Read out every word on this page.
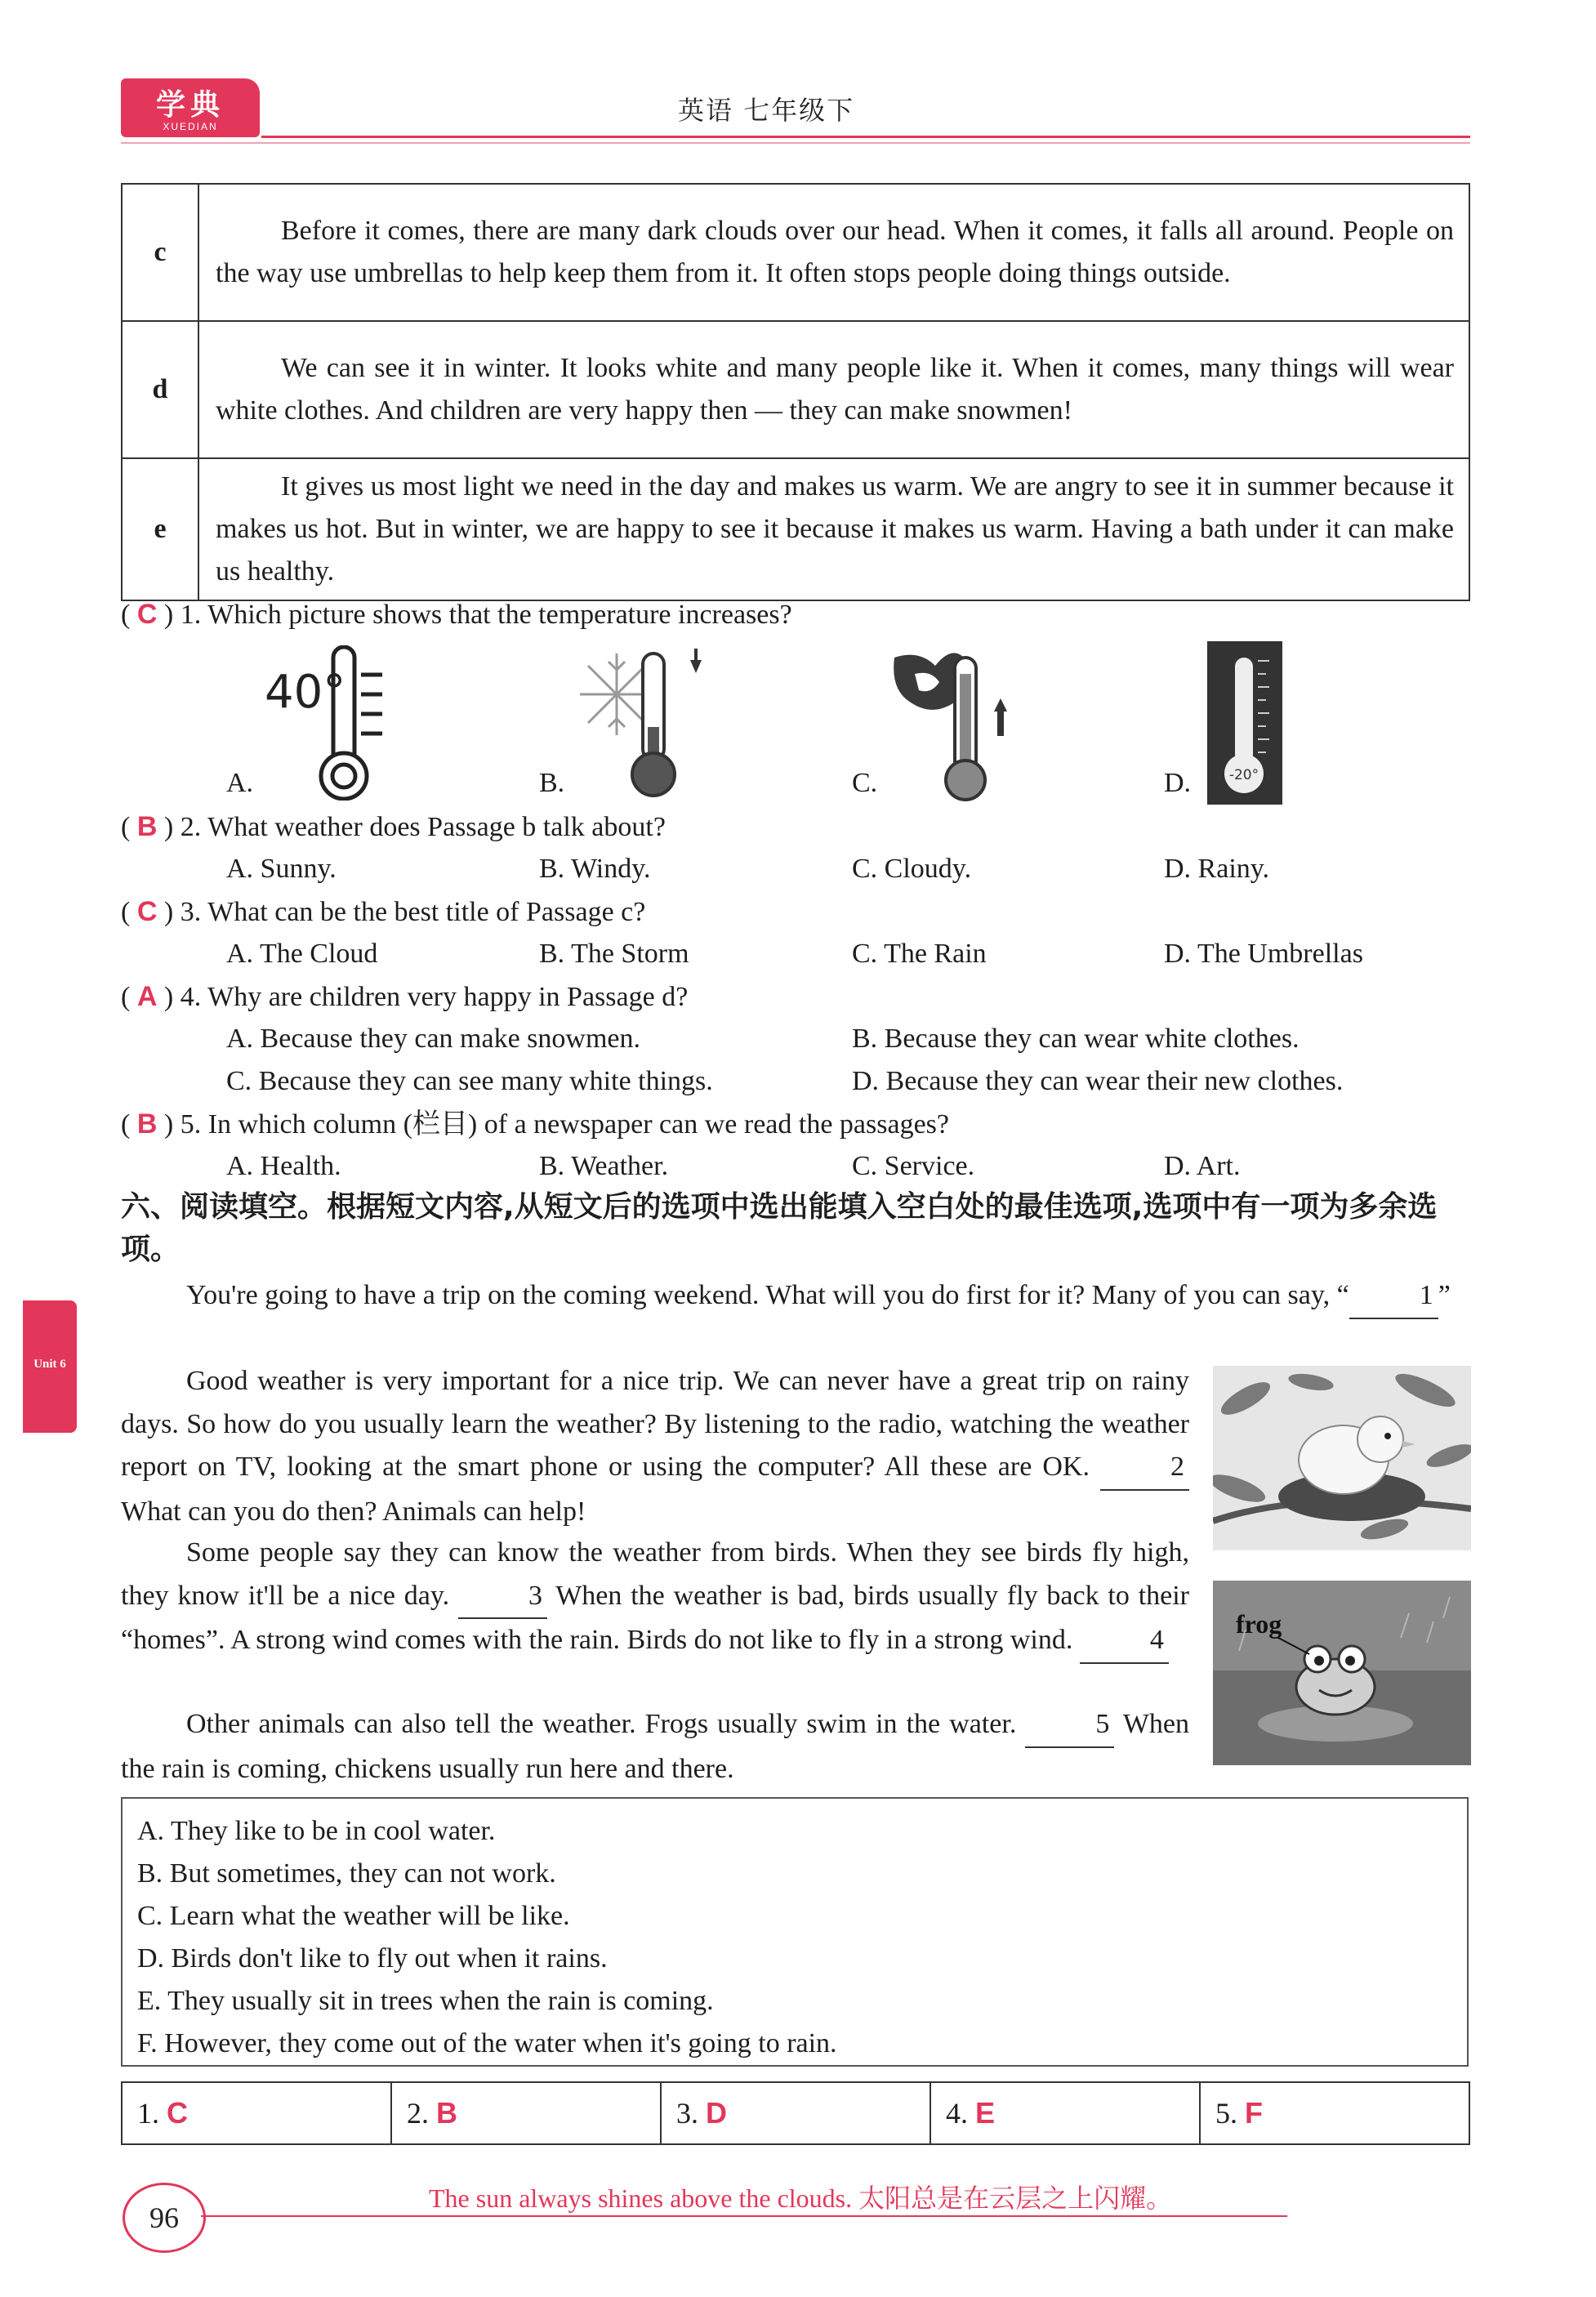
学典
XUEDIAN
英语 七年级下
c	Before it comes, there are many dark clouds over our head. When it comes, it falls all around. People on the way use umbrellas to help keep them from it. It often stops people doing things outside.
d	We can see it in winter. It looks white and many people like it. When it comes, many things will wear white clothes. And children are very happy then — they can make snowmen!
e	It gives us most light we need in the day and makes us warm. We are angry to see it in summer because it makes us hot. But in winter, we are happy to see it because it makes us warm. Having a bath under it can make us healthy.
( C ) 1. Which picture shows that the temperature increases?
40°
-20°
A.	B.	C.	D.
( B ) 2. What weather does Passage b talk about?
A. Sunny.	B. Windy.	C. Cloudy.	D. Rainy.
( C ) 3. What can be the best title of Passage c?
A. The Cloud	B. The Storm	C. The Rain	D. The Umbrellas
( A ) 4. Why are children very happy in Passage d?
A. Because they can make snowmen.	B. Because they can wear white clothes.
C. Because they can see many white things.	D. Because they can wear their new clothes.
( B ) 5. In which column (栏目) of a newspaper can we read the passages?
A. Health.	B. Weather.	C. Service.	D. Art.
六、阅读填空。根据短文内容,从短文后的选项中选出能填入空白处的最佳选项,选项中有一项为多余选项。
You're going to have a trip on the coming weekend. What will you do first for it? Many of you can say, “	1 ”
Good weather is very important for a nice trip. We can never have a great trip on rainy days. So how do you usually learn the weather? By listening to the radio, watching the weather report on TV, looking at the smart phone or using the computer? All these are OK.	2 What can you do then? Animals can help!
Some people say they can know the weather from birds. When they see birds fly high, they know it'll be a nice day.	3 When the weather is bad, birds usually fly back to their “homes”. A strong wind comes with the rain. Birds do not like to fly in a strong wind.	4
Other animals can also tell the weather. Frogs usually swim in the water.	5 When the rain is coming, chickens usually run here and there.
frog
A. They like to be in cool water.
B. But sometimes, they can not work.
C. Learn what the weather will be like.
D. Birds don't like to fly out when it rains.
E. They usually sit in trees when the rain is coming.
F. However, they come out of the water when it's going to rain.
1. C	2. B	3. D	4. E	5. F
Unit 6
96
The sun always shines above the clouds. 太阳总是在云层之上闪耀。
